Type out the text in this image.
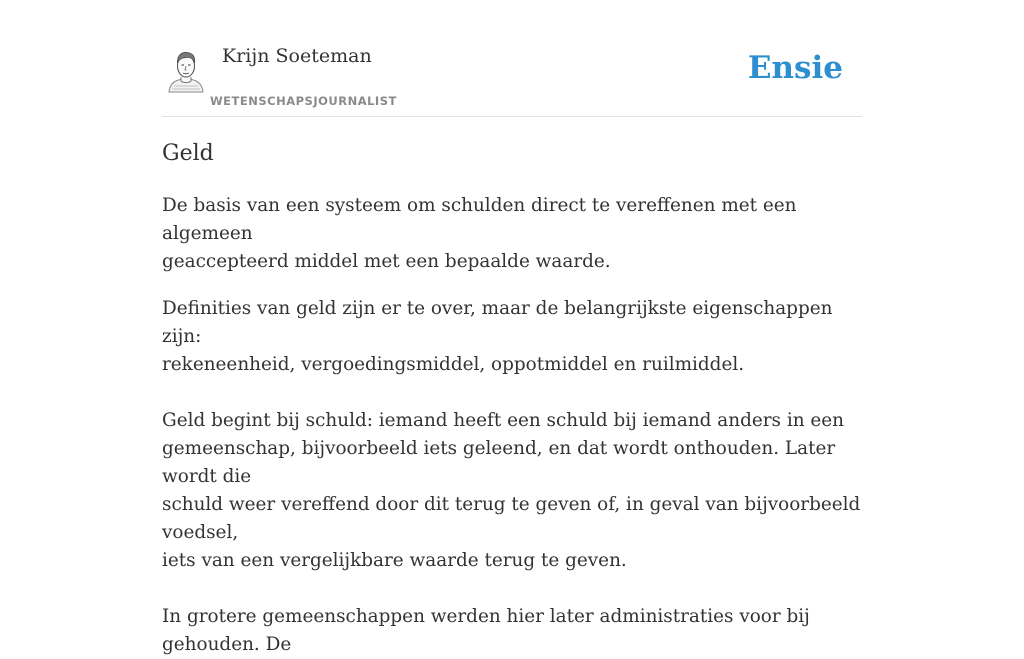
Krijn Soeteman
WETENSCHAPSJOURNALIST
Ensie
Geld

De basis van een systeem om schulden direct te vereffenen met een algemeen
geaccepteerd middel met een bepaalde waarde.

Definities van geld zijn er te over, maar de belangrijkste eigenschappen zijn:
rekeneenheid, vergoedingsmiddel, oppotmiddel en ruilmiddel.

Geld begint bij schuld: iemand heeft een schuld bij iemand anders in een
gemeenschap, bijvoorbeeld iets geleend, en dat wordt onthouden. Later wordt die
schuld weer vereffend door dit terug te geven of, in geval van bijvoorbeeld voedsel,
iets van een vergelijkbare waarde terug te geven.

In grotere gemeenschappen werden hier later administraties voor bij gehouden. De
